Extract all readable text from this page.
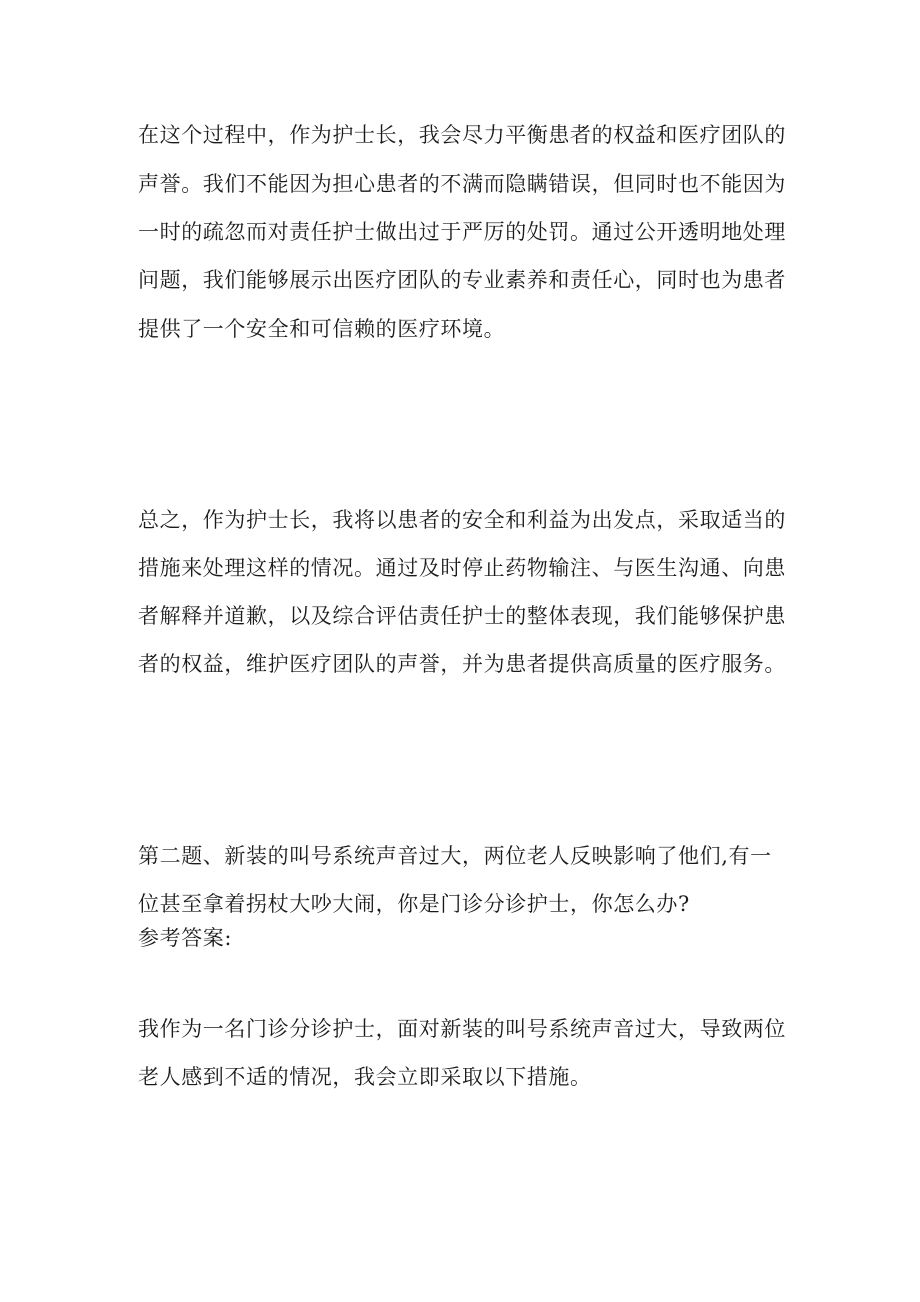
在这个过程中，作为护士长，我会尽力平衡患者的权益和医疗团队的
声誉。我们不能因为担心患者的不满而隐瞒错误，但同时也不能因为
一时的疏忽而对责任护士做出过于严厉的处罚。通过公开透明地处理
问题，我们能够展示出医疗团队的专业素养和责任心，同时也为患者
提供了一个安全和可信赖的医疗环境。
总之，作为护士长，我将以患者的安全和利益为出发点，采取适当的
措施来处理这样的情况。通过及时停止药物输注、与医生沟通、向患
者解释并道歉，以及综合评估责任护士的整体表现，我们能够保护患
者的权益，维护医疗团队的声誉，并为患者提供高质量的医疗服务。
第二题、新装的叫号系统声音过大，两位老人反映影响了他们,有一
位甚至拿着拐杖大吵大闹，你是门诊分诊护士，你怎么办?
参考答案:
我作为一名门诊分诊护士，面对新装的叫号系统声音过大，导致两位
老人感到不适的情况，我会立即采取以下措施。
